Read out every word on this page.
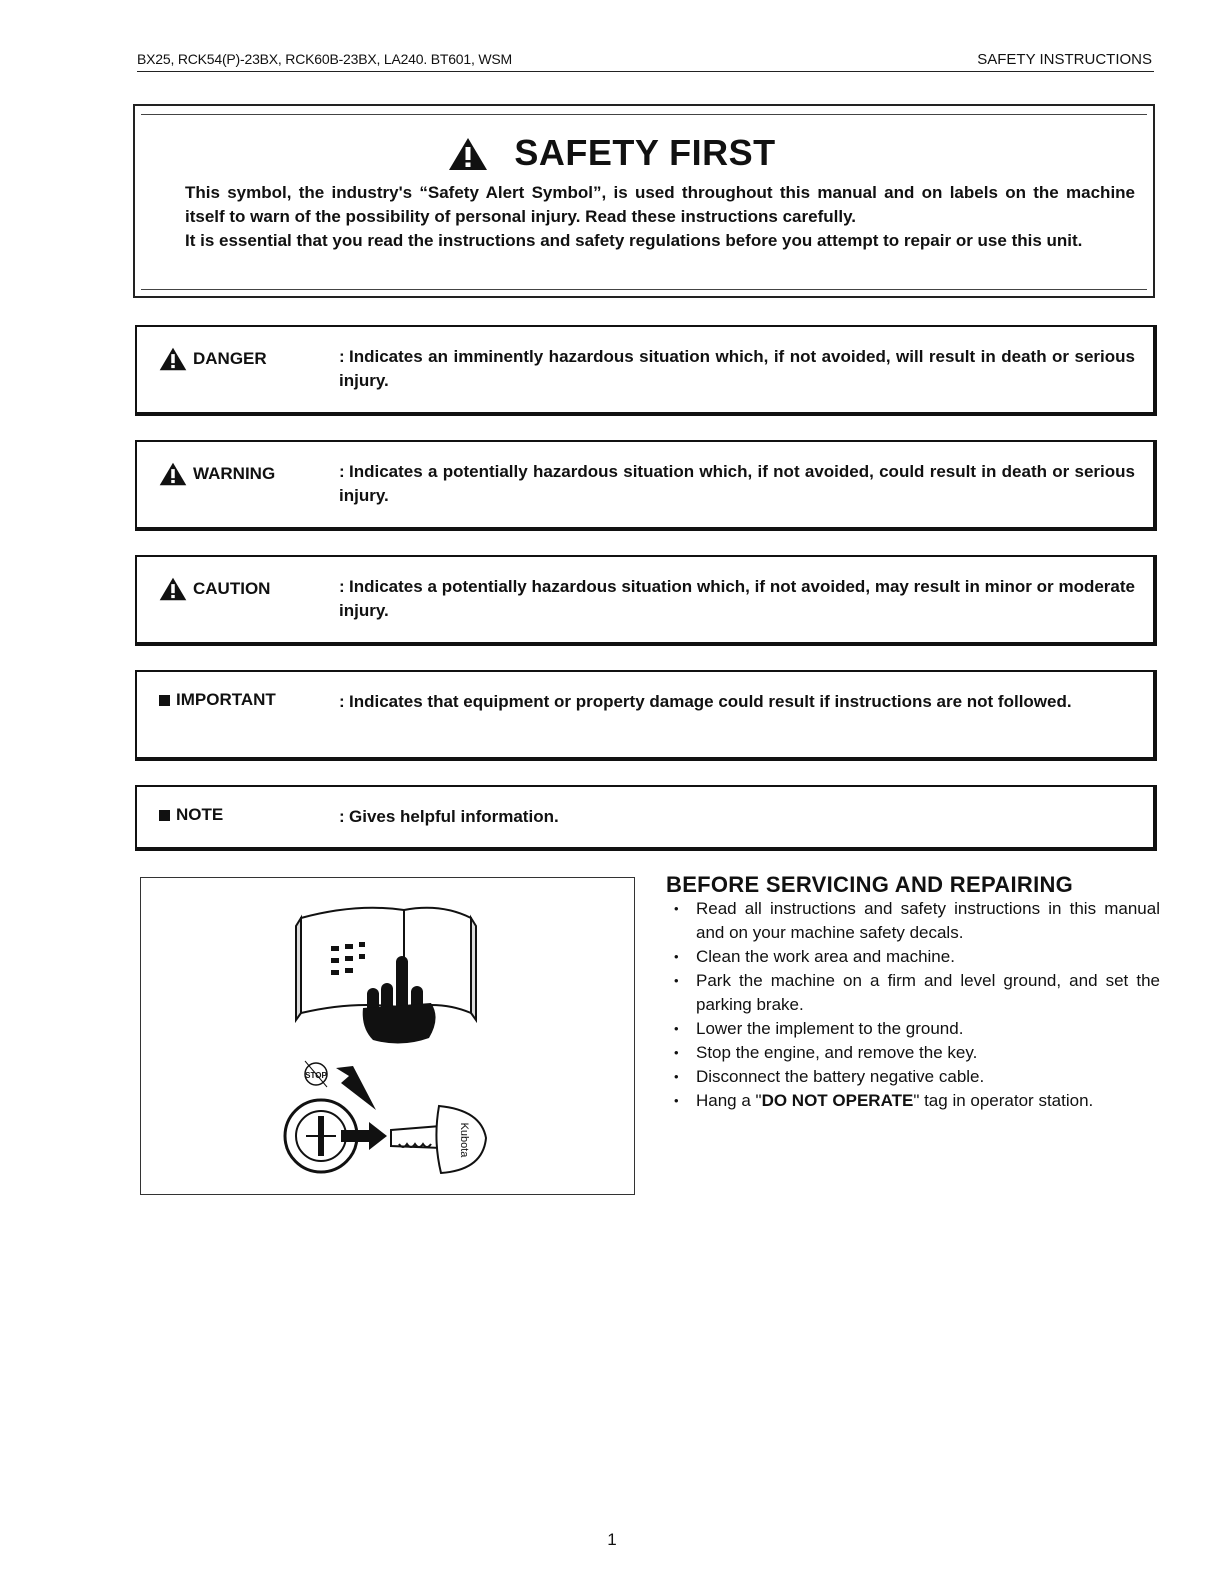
BX25, RCK54(P)-23BX, RCK60B-23BX, LA240. BT601, WSM	SAFETY INSTRUCTIONS
SAFETY FIRST

This symbol, the industry's “Safety Alert Symbol”, is used throughout this manual and on labels on the machine itself to warn of the possibility of personal injury. Read these instructions carefully.

It is essential that you read the instructions and safety regulations before you attempt to repair or use this unit.

DANGER	: Indicates an imminently hazardous situation which, if not avoided, will result in death or serious injury.
WARNING	: Indicates a potentially hazardous situation which, if not avoided, could result in death or serious injury.
CAUTION	: Indicates a potentially hazardous situation which, if not avoided, may result in minor or moderate injury.
IMPORTANT	: Indicates that equipment or property damage could result if instructions are not followed.
NOTE	: Gives helpful information.
STOP
Kubota
BEFORE SERVICING AND REPAIRING
• Read all instructions and safety instructions in this manual and on your machine safety decals.
• Clean the work area and machine.
• Park the machine on a firm and level ground, and set the parking brake.
• Lower the implement to the ground.
• Stop the engine, and remove the key.
• Disconnect the battery negative cable.
• Hang a "DO NOT OPERATE" tag in operator station.
1
